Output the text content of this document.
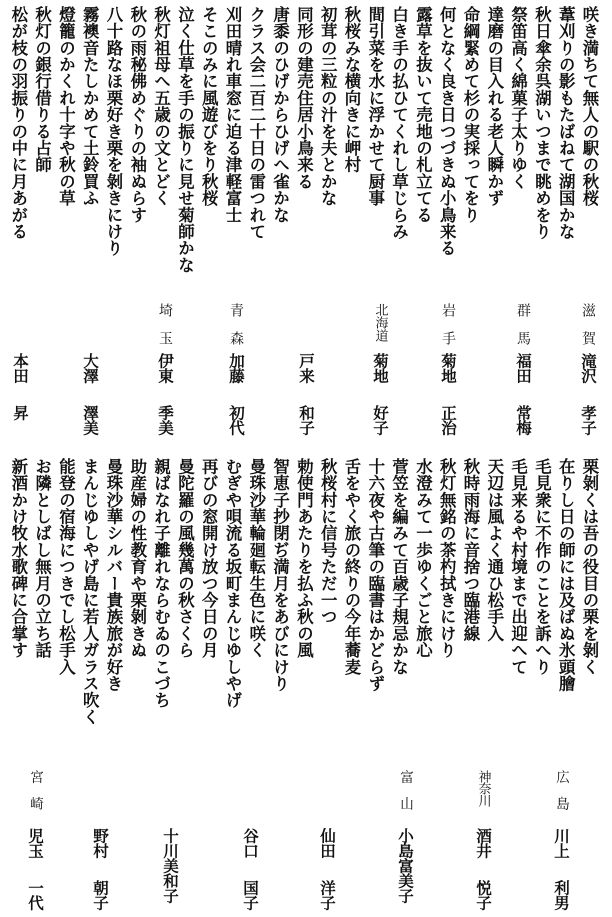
咲き満ちて無人の駅の秋桜
葦刈りの影もたばねて湖国かな
秋日傘余呉湖いつまで眺めをり
祭笛高く綿菓子太りゆく
達磨の目入れる老人瞬かず
命綱緊めて杉の実採ってをり
何となく良き日つづきぬ小鳥来る
露草を抜いて売地の札立てる
白き手の払ひてくれし草じらみ
間引菜を水に浮かせて厨事
秋桜みな横向きに岬村
初茸の三粒の汁を夫とかな
同形の建売住居小鳥来る
唐黍のひげからひげへ雀かな
クラス会二百二十日の雷つれて
刈田晴れ車窓に迫る津軽富士
そこのみに風遊びをり秋桜
泣く仕草を手の振りに見せ菊師かな
秋灯祖母へ五歳の文とどく
秋の雨秘佛めぐりの袖ぬらす
八十路なほ栗好き栗を剝きにけり
霧襖音たしかめて土鈴買ふ
燈籠のかくれ十字や秋の草
秋灯の銀行借りる占師
松が枝の羽振りの中に月あがる
滋賀
滝沢
孝子
群馬
福田
常梅
岩手
菊地
正治
北海道
菊地
好子
戸来
和子
青森
加藤
初代
埼玉
伊東
季美
大澤
澤美
本田
昇
栗剝くは吾の役目の栗を剝く
在りし日の師には及ばぬ氷頭膾
毛見衆に不作のことを訴へり
毛見来るや村境まで出迎へて
天辺は風よく通ひ松手入
秋時雨海に音捨つ臨港線
秋灯無銘の茶杓拭きにけり
水澄みて一歩ゆくごと旅心
菅笠を編みて百歳子規忌かな
十六夜や古筆の臨書はかどらず
舌をやく旅の終りの今年蕎麦
秋桜村に信号ただ一つ
勅使門あたりを払ふ秋の風
智恵子抄閉ぢ満月をあびにけり
曼珠沙華輪廻転生色に咲く
むぎや唄流る坂町まんじゆしやげ
再びの窓開け放つ今日の月
曼陀羅の風幾萬の秋さくら
親ばなれ子離れならむゐのこづち
助産婦の性教育や栗剝きぬ
曼珠沙華シルバー貴族旅が好き
まんじゆしやげ島に若人ガラス吹く
能登の宿海につきでし松手入
お隣としばし無月の立ち話
新酒かけ牧水歌碑に合掌す
広島
川上
利男
神奈川
酒井
悦子
富山
小島
富美子
仙田
洋子
谷口
国子
十川
美和子
野村
朝子
宮崎
児玉
一代
